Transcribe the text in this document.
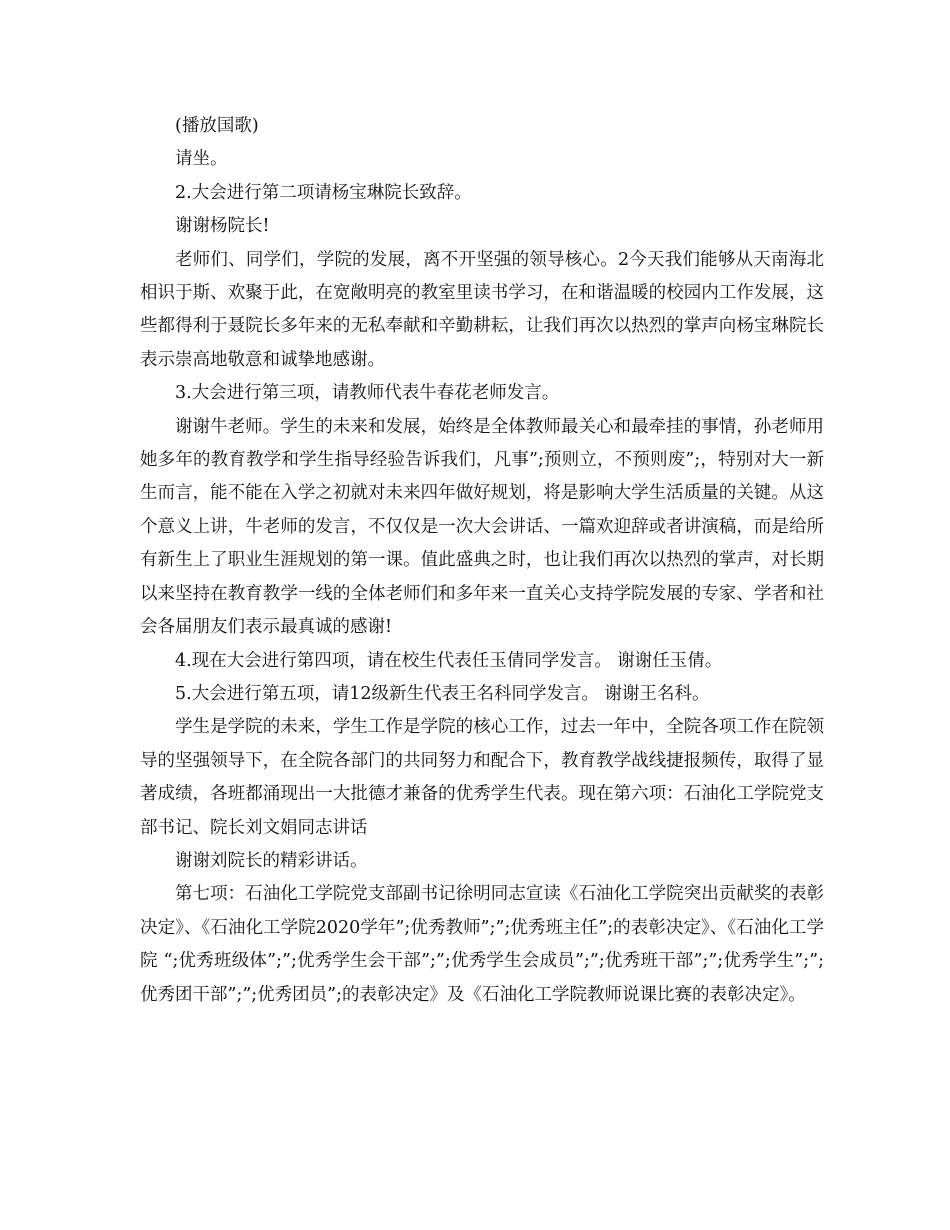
(播放国歌)

请坐。

2.大会进行第二项请杨宝琳院长致辞。

谢谢杨院长!

老师们、同学们，学院的发展，离不开坚强的领导核心。2今天我们能够从天南海北相识于斯、欢聚于此，在宽敞明亮的教室里读书学习，在和谐温暖的校园内工作发展，这些都得利于聂院长多年来的无私奉献和辛勤耕耘，让我们再次以热烈的掌声向杨宝琳院长表示崇高地敬意和诚挚地感谢。

3.大会进行第三项，请教师代表牛春花老师发言。

谢谢牛老师。学生的未来和发展，始终是全体教师最关心和最牵挂的事情，孙老师用她多年的教育教学和学生指导经验告诉我们，凡事”;预则立，不预则废”;，特别对大一新生而言，能不能在入学之初就对未来四年做好规划，将是影响大学生活质量的关键。从这个意义上讲，牛老师的发言，不仅仅是一次大会讲话、一篇欢迎辞或者讲演稿，而是给所有新生上了职业生涯规划的第一课。值此盛典之时，也让我们再次以热烈的掌声，对长期以来坚持在教育教学一线的全体老师们和多年来一直关心支持学院发展的专家、学者和社会各届朋友们表示最真诚的感谢!

4.现在大会进行第四项，请在校生代表任玉倩同学发言。 谢谢任玉倩。

5.大会进行第五项，请12级新生代表王名科同学发言。 谢谢王名科。

学生是学院的未来，学生工作是学院的核心工作，过去一年中，全院各项工作在院领导的坚强领导下，在全院各部门的共同努力和配合下，教育教学战线捷报频传，取得了显著成绩，各班都涌现出一大批德才兼备的优秀学生代表。现在第六项：石油化工学院党支部书记、院长刘文娟同志讲话

谢谢刘院长的精彩讲话。

第七项：石油化工学院党支部副书记徐明同志宣读《石油化工学院突出贡献奖的表彰决定》、《石油化工学院2020学年”;优秀教师”;”;优秀班主任”;的表彰决定》、《石油化工学院 “;优秀班级体”;”;优秀学生会干部”;”;优秀学生会成员”;”;优秀班干部”;”;优秀学生”;”;优秀团干部”;”;优秀团员”;的表彰决定》及《石油化工学院教师说课比赛的表彰决定》。
